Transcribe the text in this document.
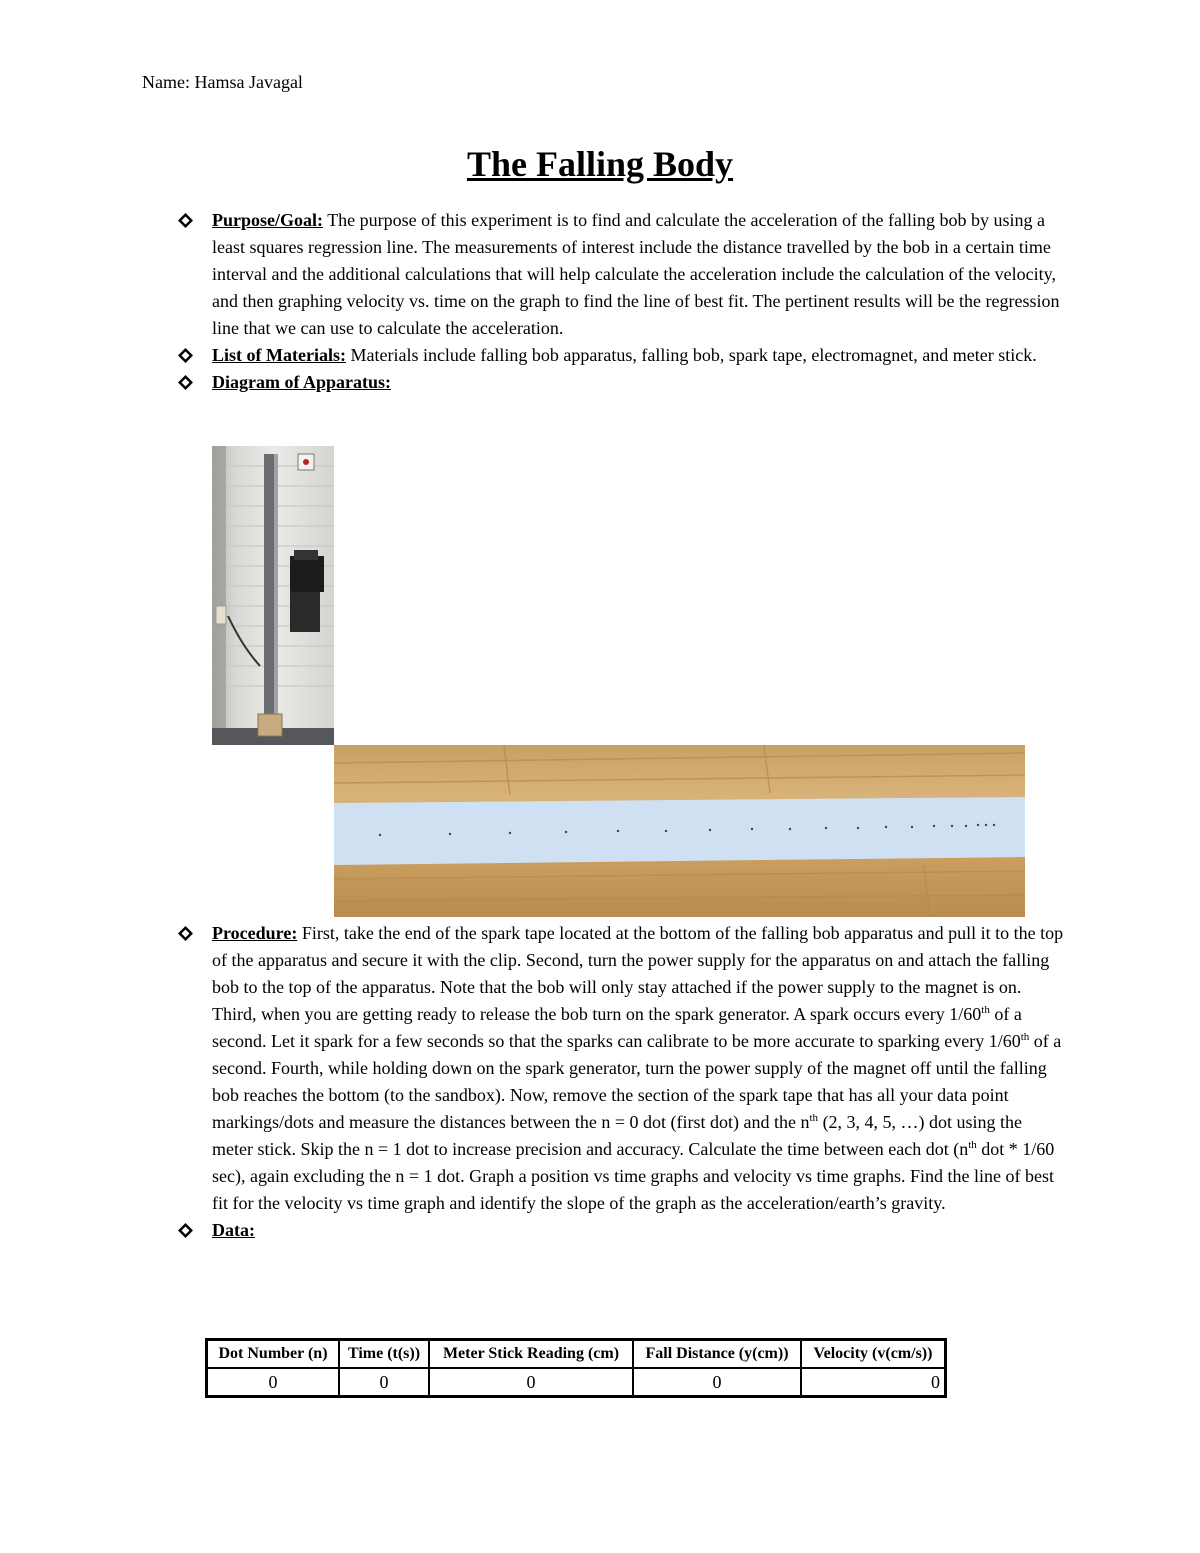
Name: Hamsa Javagal
The Falling Body
Purpose/Goal: The purpose of this experiment is to find and calculate the acceleration of the falling bob by using a least squares regression line. The measurements of interest include the distance travelled by the bob in a certain time interval and the additional calculations that will help calculate the acceleration include the calculation of the velocity, and then graphing velocity vs. time on the graph to find the line of best fit. The pertinent results will be the regression line that we can use to calculate the acceleration.
List of Materials: Materials include falling bob apparatus, falling bob, spark tape, electromagnet, and meter stick.
Diagram of Apparatus:
Procedure: First, take the end of the spark tape located at the bottom of the falling bob apparatus and pull it to the top of the apparatus and secure it with the clip. Second, turn the power supply for the apparatus on and attach the falling bob to the top of the apparatus. Note that the bob will only stay attached if the power supply to the magnet is on. Third, when you are getting ready to release the bob turn on the spark generator. A spark occurs every 1/60th of a second. Let it spark for a few seconds so that the sparks can calibrate to be more accurate to sparking every 1/60th of a second. Fourth, while holding down on the spark generator, turn the power supply of the magnet off until the falling bob reaches the bottom (to the sandbox). Now, remove the section of the spark tape that has all your data point markings/dots and measure the distances between the n = 0 dot (first dot) and the $n^{th}$ (2, 3, 4, 5, …) dot using the meter stick. Skip the n = 1 dot to increase precision and accuracy. Calculate the time between each dot ($n^{th}$ dot * 1/60 sec), again excluding the n = 1 dot. Graph a position vs time graphs and velocity vs time graphs. Find the line of best fit for the velocity vs time graph and identify the slope of the graph as the acceleration/earth’s gravity.
Data:
Dot Number (n)	Time (t(s))	Meter Stick Reading (cm)	Fall Distance (y(cm))	Velocity (v(cm/s))
0	0	0	0	0
